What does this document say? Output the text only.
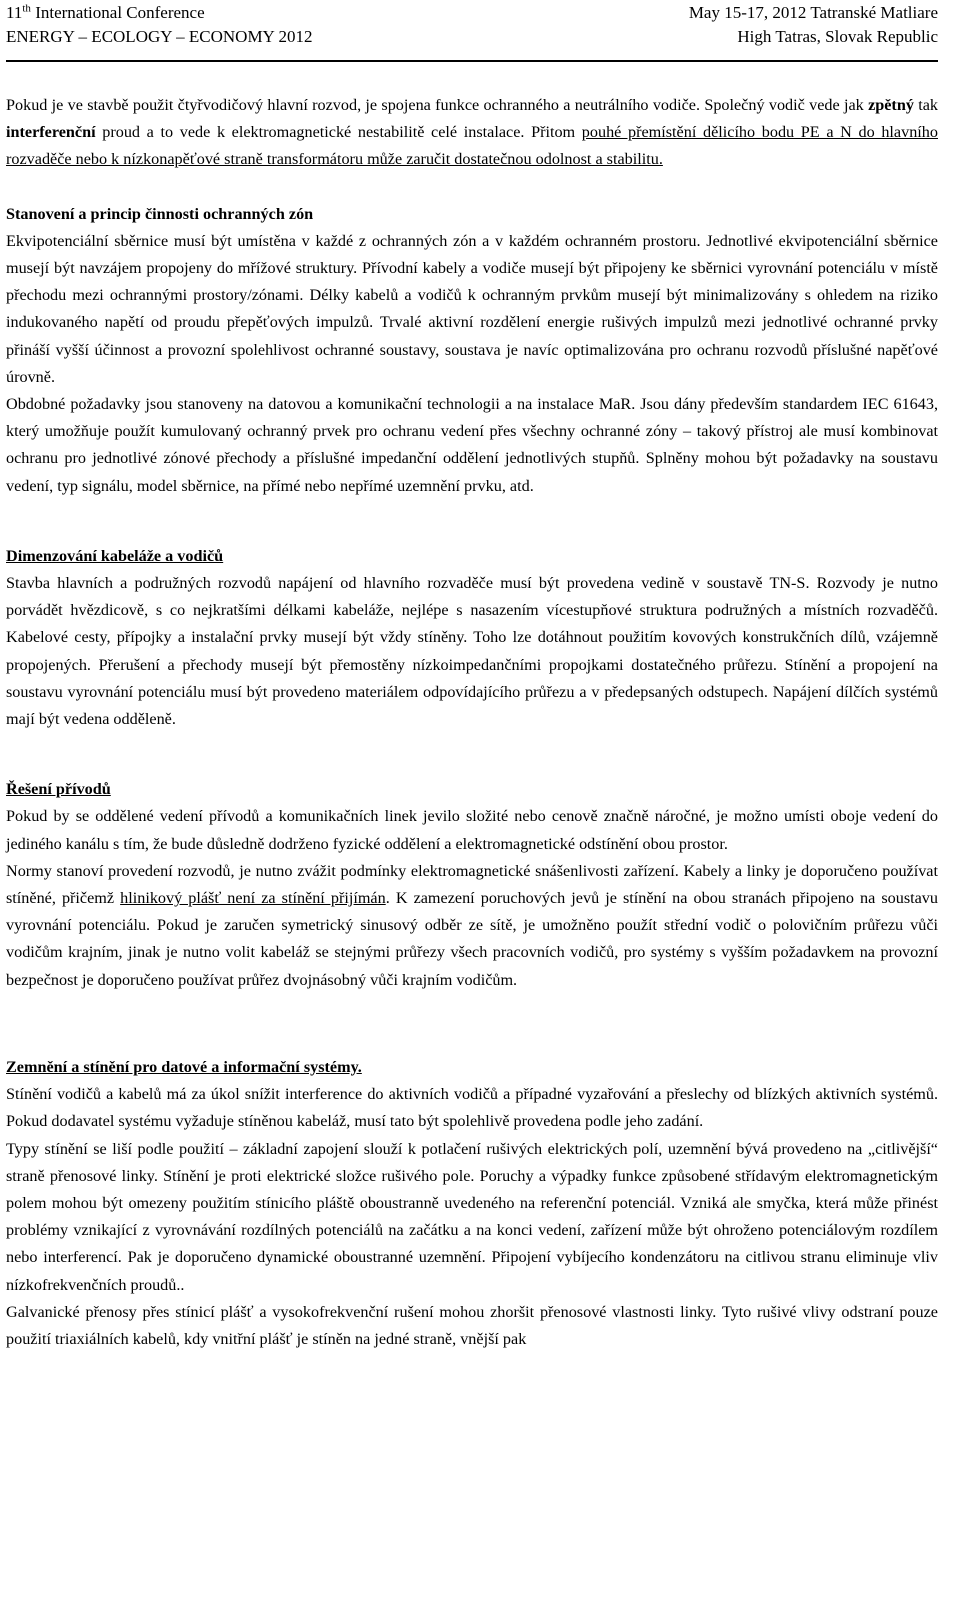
11th International Conference
ENERGY – ECOLOGY – ECONOMY 2012
May 15-17, 2012 Tatranské Matliare
High Tatras, Slovak Republic

Pokud je ve stavbě použit čtyřvodičový hlavní rozvod, je spojena funkce ochranného a neutrálního vodiče. Společný vodič vede jak zpětný tak interferenční proud a to vede k elektromagnetické nestabilitě celé instalace. Přitom pouhé přemístění dělicího bodu PE a N do hlavního rozvaděče nebo k nízkonapěťové straně transformátoru může zaručit dostatečnou odolnost a stabilitu.

Stanovení a princip činnosti ochranných zón

Ekvipotenciální sběrnice musí být umístěna v každé z ochranných zón a v každém ochranném prostoru. Jednotlivé ekvipotenciální sběrnice musejí být navzájem propojeny do mřížové struktury. Přívodní kabely a vodiče musejí být připojeny ke sběrnici vyrovnání potenciálu v místě přechodu mezi ochrannými prostory/zónami. Délky kabelů a vodičů k ochranným prvkům musejí být minimalizovány s ohledem na riziko indukovaného napětí od proudu přepěťových impulzů. Trvalé aktivní rozdělení energie rušivých impulzů mezi jednotlivé ochranné prvky přináší vyšší účinnost a provozní spolehlivost ochranné soustavy, soustava je navíc optimalizována pro ochranu rozvodů příslušné napěťové úrovně.

Obdobné požadavky jsou stanoveny na datovou a komunikační technologii a na instalace MaR. Jsou dány především standardem IEC 61643, který umožňuje použít kumulovaný ochranný prvek pro ochranu vedení přes všechny ochranné zóny – takový přístroj ale musí kombinovat ochranu pro jednotlivé zónové přechody a příslušné impedanční oddělení jednotlivých stupňů. Splněny mohou být požadavky na soustavu vedení, typ signálu, model sběrnice, na přímé nebo nepřímé uzemnění prvku, atd.

Dimenzování kabeláže a vodičů

Stavba hlavních a podružných rozvodů napájení od hlavního rozvaděče musí být provedena vedině v soustavě TN-S. Rozvody je nutno porvádět hvězdicově, s co nejkratšími délkami kabeláže, nejlépe s nasazením vícestupňové struktura podružných a místních rozvaděčů. Kabelové cesty, přípojky a instalační prvky musejí být vždy stíněny. Toho lze dotáhnout použitím kovových konstrukčních dílů, vzájemně propojených. Přerušení a přechody musejí být přemostěny nízkoimpedančními propojkami dostatečného průřezu. Stínění a propojení na soustavu vyrovnání potenciálu musí být provedeno materiálem odpovídajícího průřezu a v předepsaných odstupech. Napájení dílčích systémů mají být vedena odděleně.

Řešení přívodů

Pokud by se oddělené vedení přívodů a komunikačních linek jevilo složité nebo cenově značně náročné, je možno umísti oboje vedení do jediného kanálu s tím, že bude důsledně dodrženo fyzické oddělení a elektromagnetické odstínění obou prostor.

Normy stanoví provedení rozvodů, je nutno zvážit podmínky elektromagnetické snášenlivosti zařízení. Kabely a linky je doporučeno používat stíněné, přičemž hlinikový plášť není za stínění přijímán. K zamezení poruchových jevů je stínění na obou stranách připojeno na soustavu vyrovnání potenciálu. Pokud je zaručen symetrický sinusový odběr ze sítě, je umožněno použít střední vodič o polovičním průřezu vůči vodičům krajním, jinak je nutno volit kabeláž se stejnými průřezy všech pracovních vodičů, pro systémy s vyšším požadavkem na provozní bezpečnost je doporučeno používat průřez dvojnásobný vůči krajním vodičům.

Zemnění a stínění pro datové a informační systémy.

Stínění vodičů a kabelů má za úkol snížit interference do aktivních vodičů a případné vyzařování a přeslechy od blízkých aktivních systémů. Pokud dodavatel systému vyžaduje stíněnou kabeláž, musí tato být spolehlivě provedena podle jeho zadání.

Typy stínění se liší podle použití – základní zapojení slouží k potlačení rušivých elektrických polí, uzemnění bývá provedeno na „citlivější“ straně přenosové linky. Stínění je proti elektrické složce rušivého pole. Poruchy a výpadky funkce způsobené střídavým elektromagnetickým polem mohou být omezeny použitím stínicího pláště oboustranně uvedeného na referenční potenciál. Vzniká ale smyčka, která může přinést problémy vznikající z vyrovnávání rozdílných potenciálů na začátku a na konci vedení, zařízení může být ohroženo potenciálovým rozdílem nebo interferencí. Pak je doporučeno dynamické oboustranné uzemnění. Připojení vybíjecího kondenzátoru na citlivou stranu eliminuje vliv nízkofrekvenčních proudů..

Galvanické přenosy přes stínicí plášť a vysokofrekvenční rušení mohou zhoršit přenosové vlastnosti linky. Tyto rušivé vlivy odstraní pouze použití triaxiálních kabelů, kdy vnitřní plášť je stíněn na jedné straně, vnější pak
